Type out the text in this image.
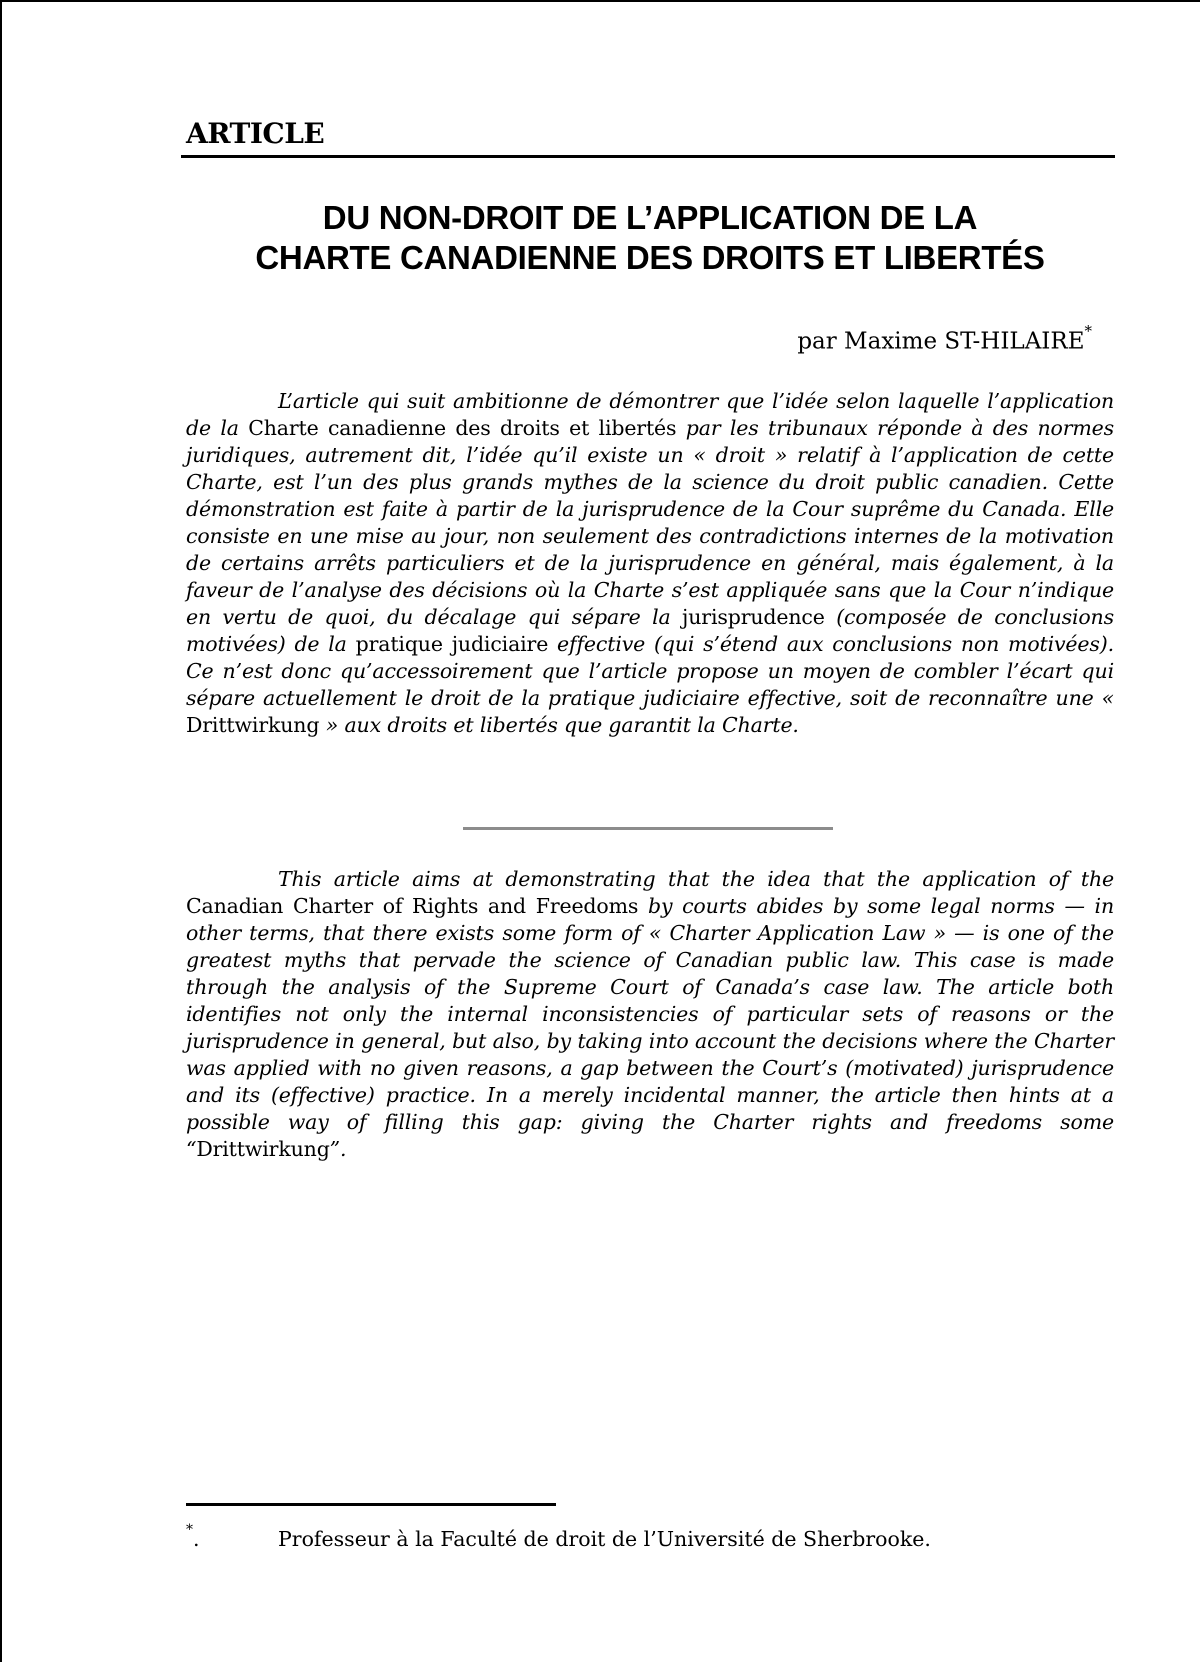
ARTICLE
DU NON-DROIT DE L’APPLICATION DE LA
CHARTE CANADIENNE DES DROITS ET LIBERTÉS
par Maxime ST-HILAIRE*

L’article qui suit ambitionne de démontrer que l’idée selon laquelle l’application de la Charte canadienne des droits et libertés par les tribunaux réponde à des normes juridiques, autrement dit, l’idée qu’il existe un « droit » relatif à l’application de cette Charte, est l’un des plus grands mythes de la science du droit public canadien. Cette démonstration est faite à partir de la jurisprudence de la Cour suprême du Canada. Elle consiste en une mise au jour, non seulement des contradictions internes de la motivation de certains arrêts particuliers et de la jurisprudence en général, mais également, à la faveur de l’analyse des décisions où la Charte s’est appliquée sans que la Cour n’indique en vertu de quoi, du décalage qui sépare la jurisprudence (composée de conclusions motivées) de la pratique judiciaire effective (qui s’étend aux conclusions non motivées). Ce n’est donc qu’accessoirement que l’article propose un moyen de combler l’écart qui sépare actuellement le droit de la pratique judiciaire effective, soit de reconnaître une « Drittwirkung » aux droits et libertés que garantit la Charte.

This article aims at demonstrating that the idea that the application of the Canadian Charter of Rights and Freedoms by courts abides by some legal norms — in other terms, that there exists some form of « Charter Application Law » — is one of the greatest myths that pervade the science of Canadian public law. This case is made through the analysis of the Supreme Court of Canada’s case law. The article both identifies not only the internal inconsistencies of particular sets of reasons or the jurisprudence in general, but also, by taking into account the decisions where the Charter was applied with no given reasons, a gap between the Court’s (motivated) jurisprudence and its (effective) practice. In a merely incidental manner, the article then hints at a possible way of filling this gap: giving the Charter rights and freedoms some “Drittwirkung”.

*.	Professeur à la Faculté de droit de l’Université de Sherbrooke.
